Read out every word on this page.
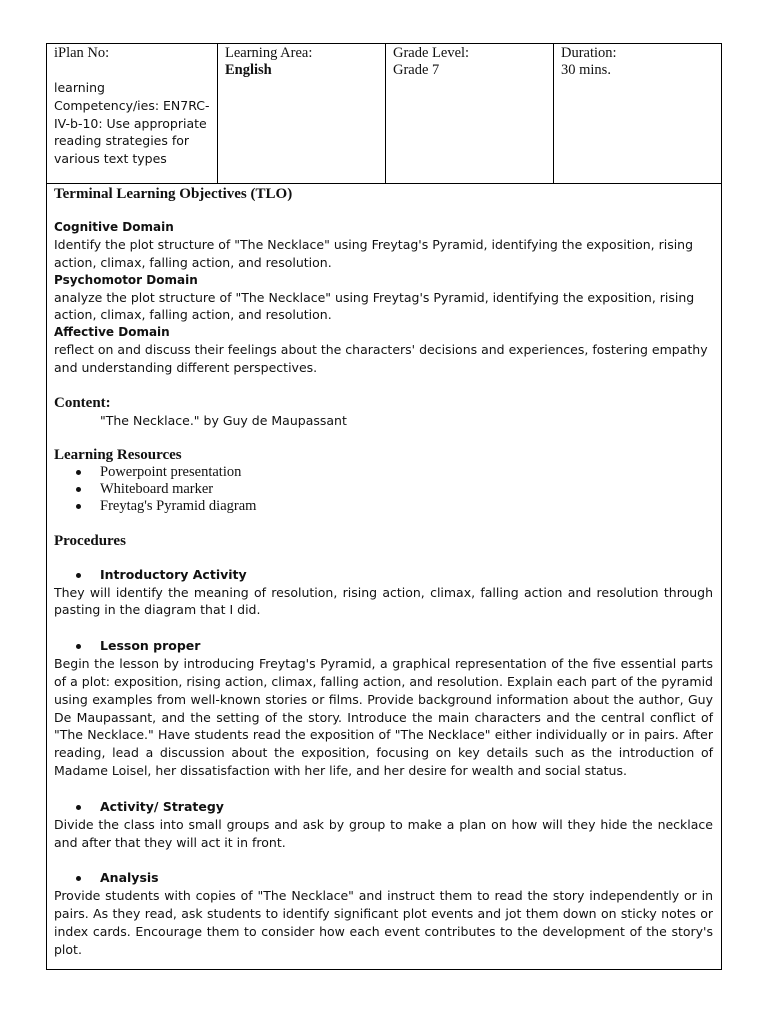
iPlan No:
learning
Competency/ies: EN7RC-IV-b-10: Use appropriate reading strategies for various text types
Learning Area:
English
Grade Level:
Grade 7
Duration:
30 mins.
Terminal Learning Objectives (TLO)
Cognitive Domain
Identify the plot structure of "The Necklace" using Freytag's Pyramid, identifying the exposition, rising action, climax, falling action, and resolution.
Psychomotor Domain
analyze the plot structure of "The Necklace" using Freytag's Pyramid, identifying the exposition, rising action, climax, falling action, and resolution.
Affective Domain
reflect on and discuss their feelings about the characters' decisions and experiences, fostering empathy and understanding different perspectives.
Content:
"The Necklace." by Guy de Maupassant
Learning Resources
Powerpoint presentation
Whiteboard marker
Freytag's Pyramid diagram
Procedures
Introductory Activity
They will identify the meaning of resolution, rising action, climax, falling action and resolution through pasting in the diagram that I did.
Lesson proper
Begin the lesson by introducing Freytag's Pyramid, a graphical representation of the five essential parts of a plot: exposition, rising action, climax, falling action, and resolution. Explain each part of the pyramid using examples from well-known stories or films. Provide background information about the author, Guy De Maupassant, and the setting of the story. Introduce the main characters and the central conflict of "The Necklace." Have students read the exposition of "The Necklace" either individually or in pairs. After reading, lead a discussion about the exposition, focusing on key details such as the introduction of Madame Loisel, her dissatisfaction with her life, and her desire for wealth and social status.
Activity/ Strategy
Divide the class into small groups and ask by group to make a plan on how will they hide the necklace and after that they will act it in front.
Analysis
Provide students with copies of "The Necklace" and instruct them to read the story independently or in pairs. As they read, ask students to identify significant plot events and jot them down on sticky notes or index cards. Encourage them to consider how each event contributes to the development of the story's plot.
